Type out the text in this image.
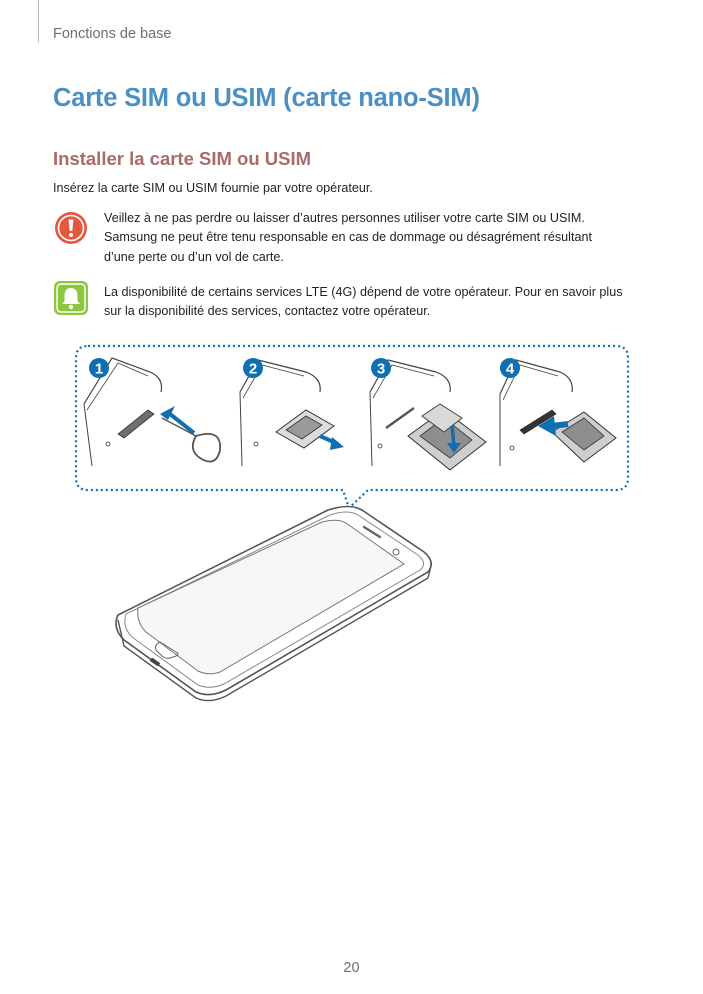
Fonctions de base
Carte SIM ou USIM (carte nano-SIM)
Installer la carte SIM ou USIM
Insérez la carte SIM ou USIM fournie par votre opérateur.
Veillez à ne pas perdre ou laisser d’autres personnes utiliser votre carte SIM ou USIM.
Samsung ne peut être tenu responsable en cas de dommage ou désagrément résultant
d’une perte ou d’un vol de carte.
La disponibilité de certains services LTE (4G) dépend de votre opérateur. Pour en savoir plus
sur la disponibilité des services, contactez votre opérateur.
1	2	3	4
20
